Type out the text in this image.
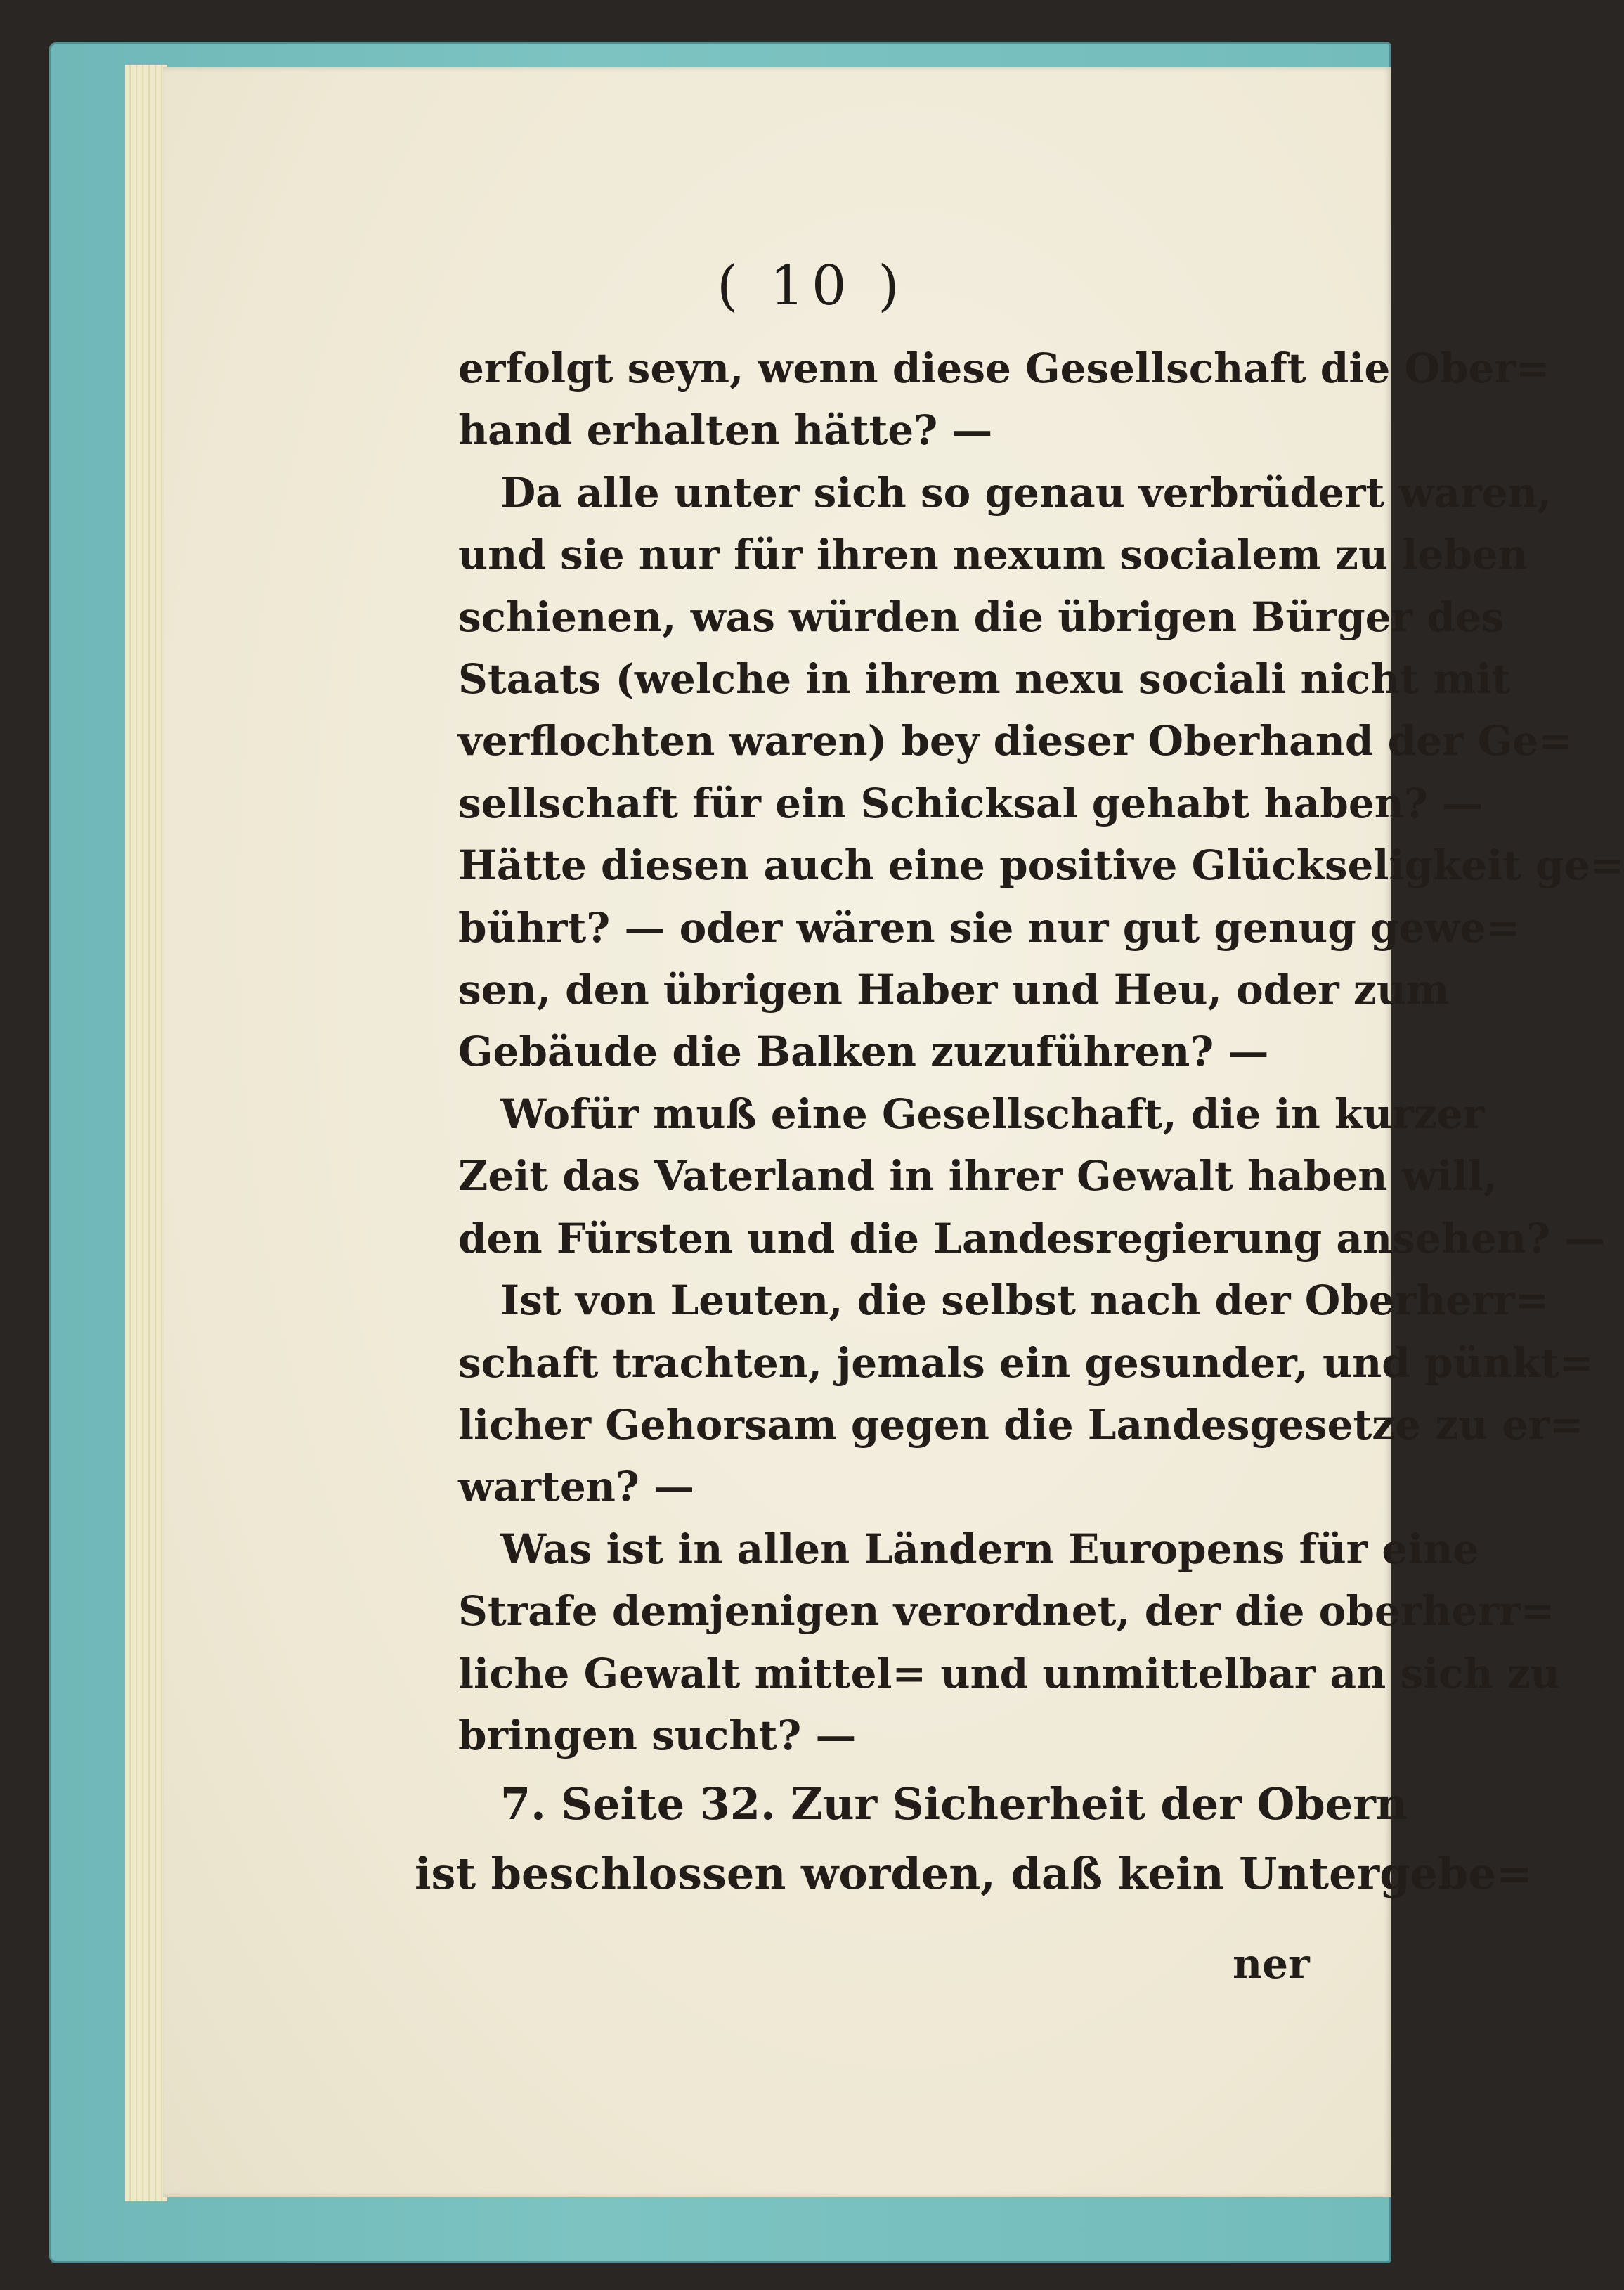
( 10 )
erfolgt seyn, wenn diese Gesellschaft die Ober=
hand erhalten hätte? —
Da alle unter sich so genau verbrüdert waren,
und sie nur für ihren nexum socialem zu leben
schienen, was würden die übrigen Bürger des
Staats (welche in ihrem nexu sociali nicht mit
verflochten waren) bey dieser Oberhand der Ge=
sellschaft für ein Schicksal gehabt haben? —
Hätte diesen auch eine positive Glückseligkeit ge=
bührt? — oder wären sie nur gut genug gewe=
sen, den übrigen Haber und Heu, oder zum
Gebäude die Balken zuzuführen? —
Wofür muß eine Gesellschaft, die in kurzer
Zeit das Vaterland in ihrer Gewalt haben will,
den Fürsten und die Landesregierung ansehen? —
Ist von Leuten, die selbst nach der Oberherr=
schaft trachten, jemals ein gesunder, und pünkt=
licher Gehorsam gegen die Landesgesetze zu er=
warten? —
Was ist in allen Ländern Europens für eine
Strafe demjenigen verordnet, der die oberherr=
liche Gewalt mittel= und unmittelbar an sich zu
bringen sucht? —
7. Seite 32. Zur Sicherheit der Obern
ist beschlossen worden, daß kein Untergebe=
ner
